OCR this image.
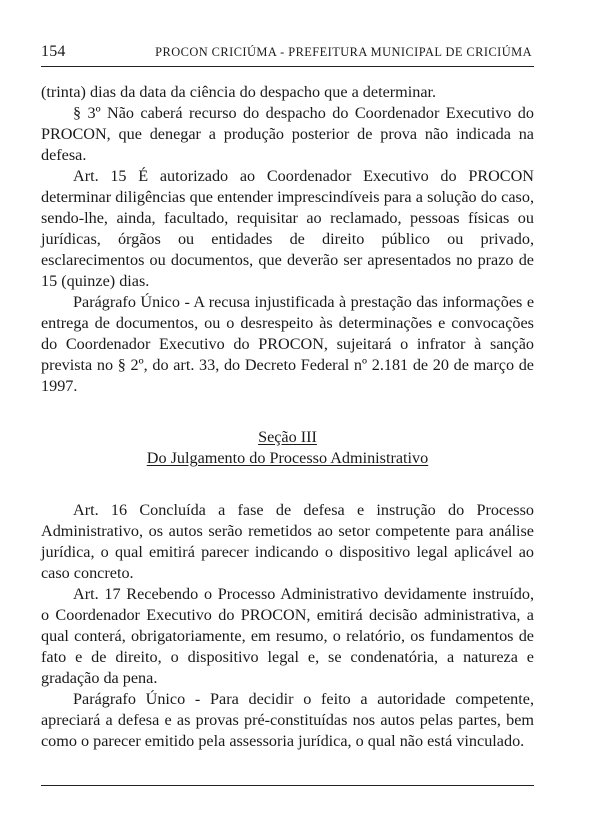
154	PROCON CRICIÚMA - PREFEITURA MUNICIPAL DE CRICIÚMA

(trinta) dias da data da ciência do despacho que a determinar.

§ 3º Não caberá recurso do despacho do Coordenador Executivo do PROCON, que denegar a produção posterior de prova não indicada na defesa.

Art. 15 É autorizado ao Coordenador Executivo do PROCON determinar diligências que entender imprescindíveis para a solução do caso, sendo-lhe, ainda, facultado, requisitar ao reclamado, pessoas físicas ou jurídicas, órgãos ou entidades de direito público ou privado, esclarecimentos ou documentos, que deverão ser apresentados no prazo de 15 (quinze) dias.

Parágrafo Único - A recusa injustificada à prestação das informações e entrega de documentos, ou o desrespeito às determinações e convocações do Coordenador Executivo do PROCON, sujeitará o infrator à sanção prevista no § 2º, do art. 33, do Decreto Federal nº 2.181 de 20 de março de 1997.

Seção III
Do Julgamento do Processo Administrativo

Art. 16 Concluída a fase de defesa e instrução do Processo Administrativo, os autos serão remetidos ao setor competente para análise jurídica, o qual emitirá parecer indicando o dispositivo legal aplicável ao caso concreto.

Art. 17 Recebendo o Processo Administrativo devidamente instruído, o Coordenador Executivo do PROCON, emitirá decisão administrativa, a qual conterá, obrigatoriamente, em resumo, o relatório, os fundamentos de fato e de direito, o dispositivo legal e, se condenatória, a natureza e gradação da pena.

Parágrafo Único - Para decidir o feito a autoridade competente, apreciará a defesa e as provas pré-constituídas nos autos pelas partes, bem como o parecer emitido pela assessoria jurídica, o qual não está vinculado.
